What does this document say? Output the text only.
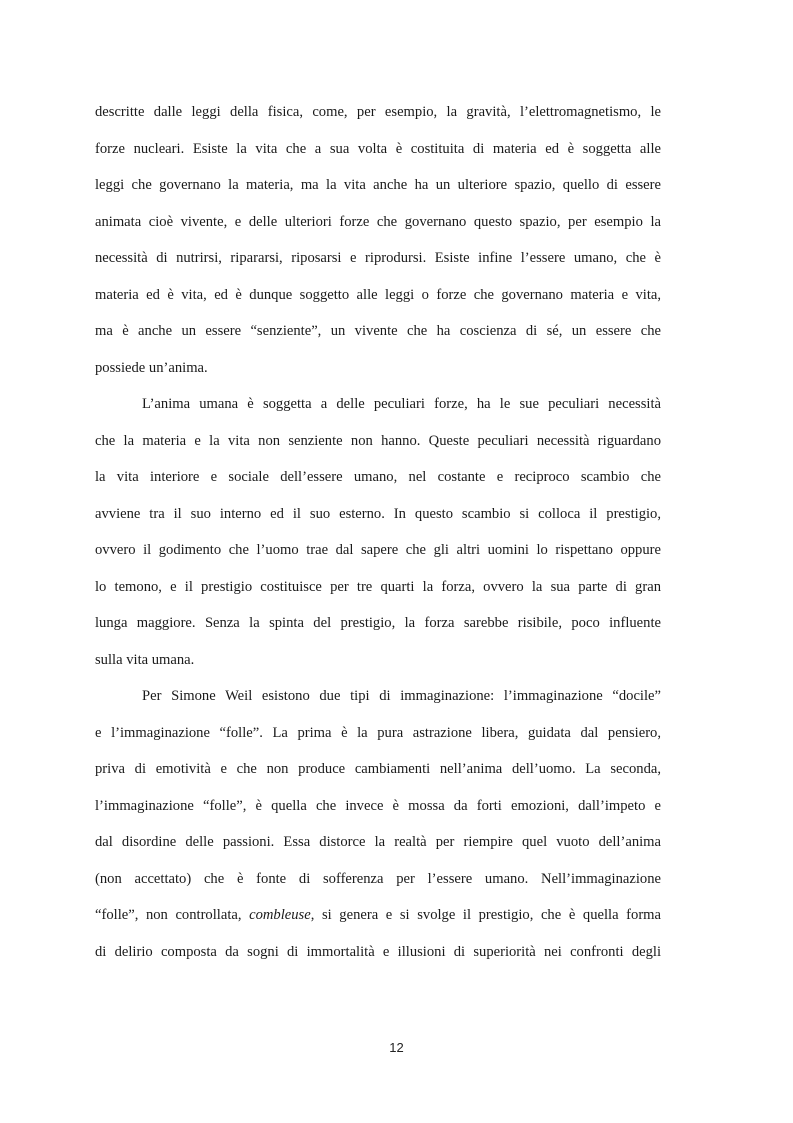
descritte dalle leggi della fisica, come, per esempio, la gravità, l’elettromagnetismo, le
forze nucleari. Esiste la vita che a sua volta è costituita di materia ed è soggetta alle
leggi che governano la materia, ma la vita anche ha un ulteriore spazio, quello di essere
animata cioè vivente, e delle ulteriori forze che governano questo spazio, per esempio la
necessità di nutrirsi, ripararsi, riposarsi e riprodursi. Esiste infine l’essere umano, che è
materia ed è vita, ed è dunque soggetto alle leggi o forze che governano materia e vita,
ma è anche un essere “senziente”, un vivente che ha coscienza di sé, un essere che
possiede un’anima.
L’anima umana è soggetta a delle peculiari forze, ha le sue peculiari necessità
che la materia e la vita non senziente non hanno. Queste peculiari necessità riguardano
la vita interiore e sociale dell’essere umano, nel costante e reciproco scambio che
avviene tra il suo interno ed il suo esterno. In questo scambio si colloca il prestigio,
ovvero il godimento che l’uomo trae dal sapere che gli altri uomini lo rispettano oppure
lo temono, e il prestigio costituisce per tre quarti la forza, ovvero la sua parte di gran
lunga maggiore. Senza la spinta del prestigio, la forza sarebbe risibile, poco influente
sulla vita umana.
Per Simone Weil esistono due tipi di immaginazione: l’immaginazione “docile”
e l’immaginazione “folle”. La prima è la pura astrazione libera, guidata dal pensiero,
priva di emotività e che non produce cambiamenti nell’anima dell’uomo. La seconda,
l’immaginazione “folle”, è quella che invece è mossa da forti emozioni, dall’impeto e
dal disordine delle passioni. Essa distorce la realtà per riempire quel vuoto dell’anima
(non accettato) che è fonte di sofferenza per l’essere umano. Nell’immaginazione
“folle”, non controllata, combleuse, si genera e si svolge il prestigio, che è quella forma
di delirio composta da sogni di immortalità e illusioni di superiorità nei confronti degli
12
